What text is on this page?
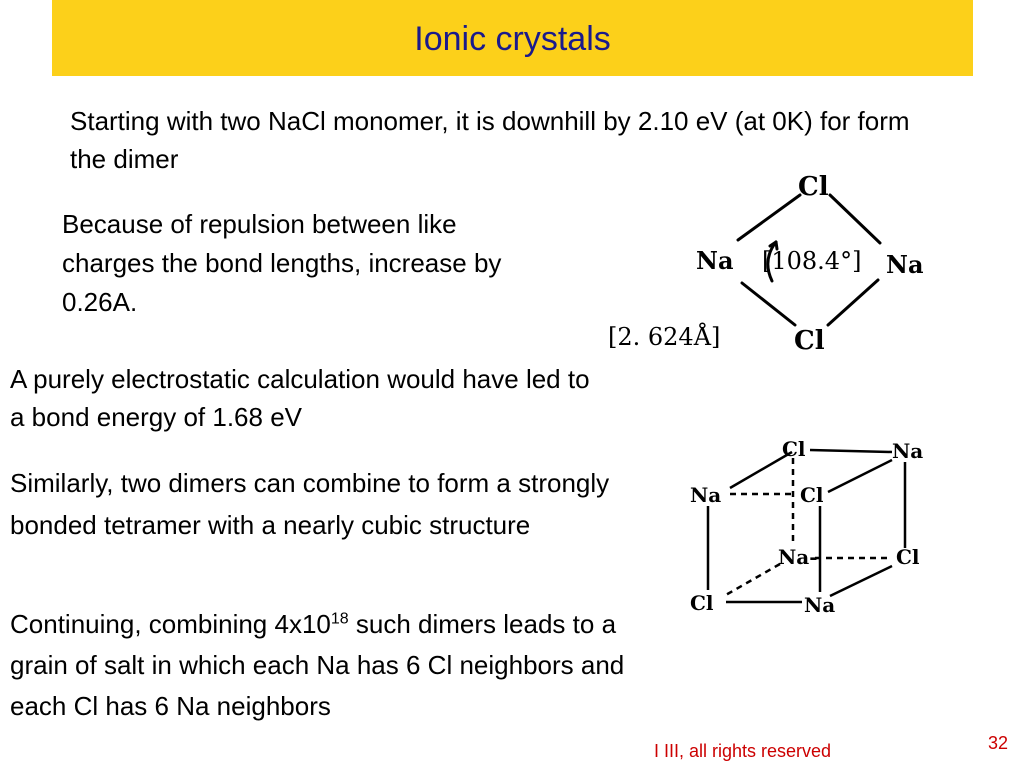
Ionic crystals
Starting with two NaCl monomer, it is downhill by 2.10 eV (at 0K) for form the dimer
Because of repulsion between like charges the bond lengths, increase by 0.26A.
A purely electrostatic calculation would have led to a bond energy of 1.68 eV
Similarly, two dimers can combine to form a strongly bonded tetramer with a nearly cubic structure
Continuing, combining $4x10^{18}$ such dimers leads to a grain of salt in which each Na has 6 Cl neighbors and each Cl has 6 Na neighbors
Cl
Cl
Na	Na
[108.4°]
[2. 624Å]
Cl	Na
Na	Cl
Na-	Cl
Cl	Na
I III, all rights reserved	32
